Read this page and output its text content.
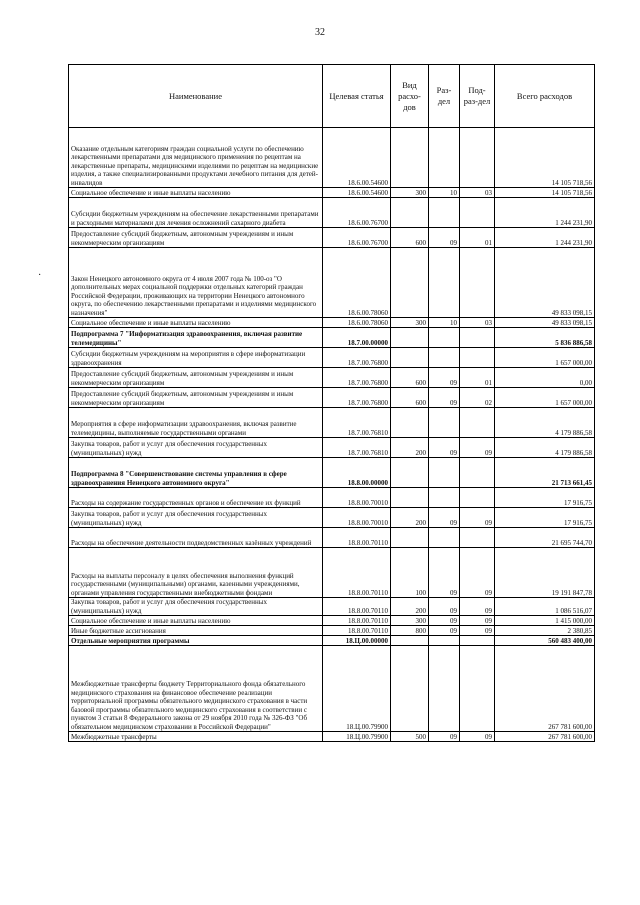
32
·
Наименование	Целевая статья	Вид расхо-дов	Раз-дел	Под-раз-дел	Всего расходов
Оказание отдельным категориям граждан социальной услуги по обеспечению лекарственными препаратами для медицинского применения по рецептам на лекарственные препараты, медицинскими изделиями по рецептам на медицинские изделия, а также специализированными продуктами лечебного питания для детей-инвалидов	18.6.00.54600				14 105 718,56
Социальное обеспечение и иные выплаты населению	18.6.00.54600	300	10	03	14 105 718,56
Субсидии бюджетным учреждениям на обеспечение лекарственными препаратами и расходными материалами для лечения осложнений сахарного диабета	18.6.00.76700				1 244 231,90
Предоставление субсидий бюджетным, автономным учреждениям и иным некоммерческим организациям	18.6.00.76700	600	09	01	1 244 231,90
Закон Ненецкого автономного округа от 4 июля 2007 года № 100-оз "О дополнительных мерах социальной поддержки отдельных категорий граждан Российской Федерации, проживающих на территории Ненецкого автономного округа, по обеспечению лекарственными препаратами и изделиями медицинского назначения"	18.6.00.78060				49 833 098,15
Социальное обеспечение и иные выплаты населению	18.6.00.78060	300	10	03	49 833 098,15
Подпрограмма 7 "Информатизация здравоохранения, включая развитие телемедицины"	18.7.00.00000				5 836 886,58
Субсидии бюджетным учреждениям на мероприятия в сфере информатизации здравоохранения	18.7.00.76800				1 657 000,00
Предоставление субсидий бюджетным, автономным учреждениям и иным некоммерческим организациям	18.7.00.76800	600	09	01	0,00
Предоставление субсидий бюджетным, автономным учреждениям и иным некоммерческим организациям	18.7.00.76800	600	09	02	1 657 000,00
Мероприятия в сфере информатизации здравоохранения, включая развитие телемедицины, выполняемые государственными органами	18.7.00.76810				4 179 886,58
Закупка товаров, работ и услуг для обеспечения государственных (муниципальных) нужд	18.7.00.76810	200	09	09	4 179 886,58
Подпрограмма 8 "Совершенствование системы управления в сфере здравоохранения Ненецкого автономного округа"	18.8.00.00000				21 713 661,45
Расходы на содержание государственных органов и обеспечение их функций	18.8.00.70010				17 916,75
Закупка товаров, работ и услуг для обеспечения государственных (муниципальных) нужд	18.8.00.70010	200	09	09	17 916,75
Расходы на обеспечение деятельности подведомственных казённых учреждений	18.8.00.70110				21 695 744,70
Расходы на выплаты персоналу в целях обеспечения выполнения функций государственными (муниципальными) органами, казенными учреждениями, органами управления государственными внебюджетными фондами	18.8.00.70110	100	09	09	19 191 847,78
Закупка товаров, работ и услуг для обеспечения государственных (муниципальных) нужд	18.8.00.70110	200	09	09	1 086 516,07
Социальное обеспечение и иные выплаты населению	18.8.00.70110	300	09	09	1 415 000,00
Иные бюджетные ассигнования	18.8.00.70110	800	09	09	2 380,85
Отдельные мероприятия программы	18.Ц.00.00000				560 483 400,00
Межбюджетные трансферты бюджету Территориального фонда обязательного медицинского страхования на финансовое обеспечение реализации территориальной программы обязательного медицинского страхования в части базовой программы обязательного медицинского страхования в соответствии с пунктом 3 статьи 8 Федерального закона от 29 ноября 2010 года № 326-ФЗ "Об обязательном медицинском страховании в Российской Федерации"	18.Ц.00.79900				267 781 600,00
Межбюджетные трансферты	18.Ц.00.79900	500	09	09	267 781 600,00
